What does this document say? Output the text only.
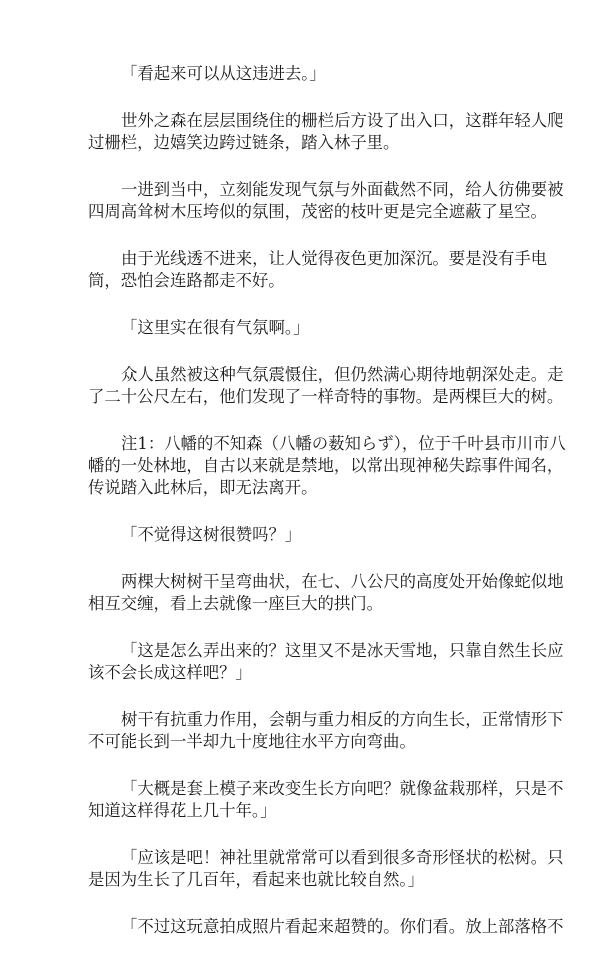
「看起来可以从这违进去。」

世外之森在层层围绕住的栅栏后方设了出入口，这群年轻人爬
过栅栏，边嬉笑边跨过链条，踏入林子里。

一进到当中，立刻能发现气氛与外面截然不同，给人彷佛要被
四周高耸树木压垮似的氛围，茂密的枝叶更是完全遮蔽了星空。

由于光线透不进来，让人觉得夜色更加深沉。要是没有手电
筒，恐怕会连路都走不好。

「这里实在很有气氛啊。」

众人虽然被这种气氛震慑住，但仍然满心期待地朝深处走。走
了二十公尺左右，他们发现了一样奇特的事物。是两棵巨大的树。

注1：八幡的不知森（八幡の薮知らず），位于千叶县市川市八
幡的一处林地，自古以来就是禁地，以常出现神秘失踪事件闻名，
传说踏入此林后，即无法离开。

「不觉得这树很赞吗？」

两棵大树树干呈弯曲状，在七、八公尺的高度处开始像蛇似地
相互交缠，看上去就像一座巨大的拱门。

「这是怎么弄出来的？这里又不是冰天雪地，只靠自然生长应
该不会长成这样吧？」

树干有抗重力作用，会朝与重力相反的方向生长，正常情形下
不可能长到一半却九十度地往水平方向弯曲。

「大概是套上模子来改变生长方向吧？就像盆栽那样，只是不
知道这样得花上几十年。」

「应该是吧！神社里就常常可以看到很多奇形怪状的松树。只
是因为生长了几百年，看起来也就比较自然。」

「不过这玩意拍成照片看起来超赞的。你们看。放上部落格不
